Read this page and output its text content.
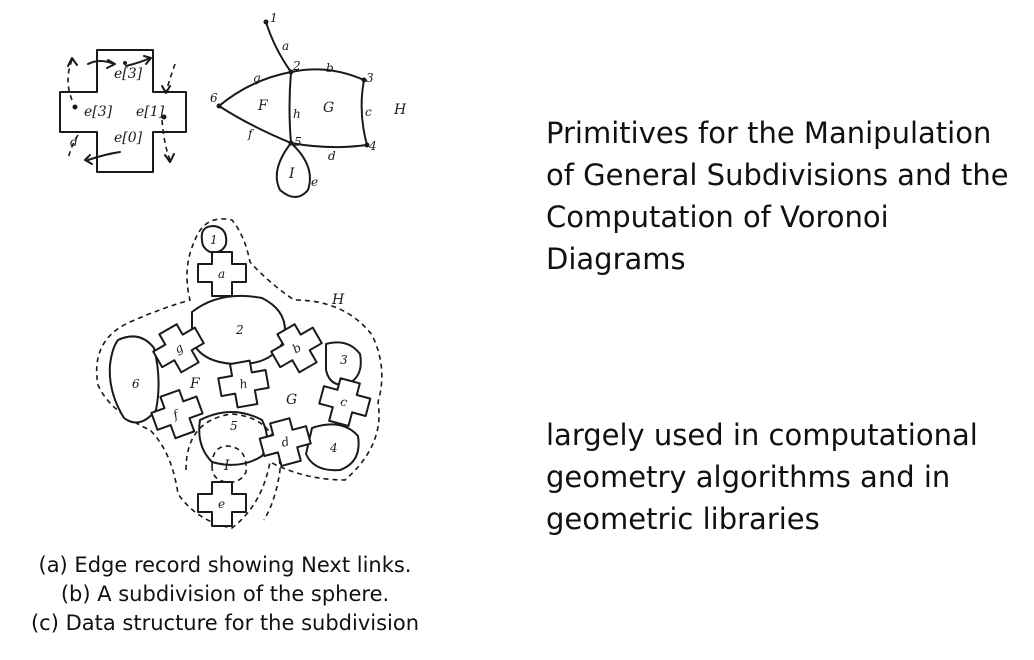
e[3]
e[3] e[1]
e[0]
d
1
2
3
4
5
6
a
b
c
d
e
f
g
h
F	G	H
I
a
g	b
h
c
f
d
e
1
2
3
4
5
6	F
G
H
I
(a) Edge record showing Next links.
(b) A subdivision of the sphere.
(c) Data structure for the subdivision
Primitives for the Manipulation of General Subdivisions and the Computation of Voronoi Diagrams
largely used in computational geometry algorithms and in geometric libraries
